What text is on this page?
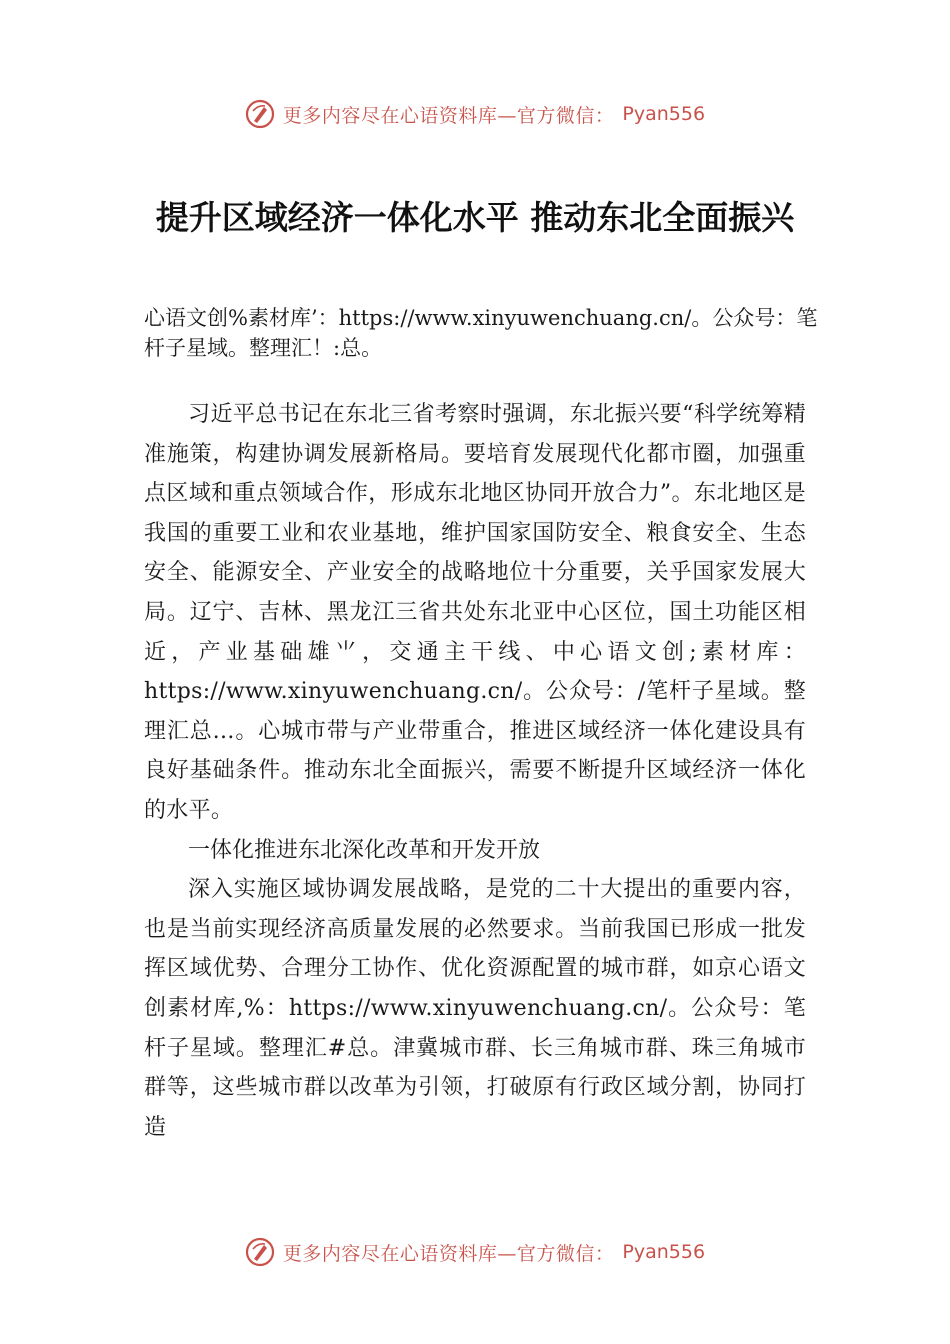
更多内容尽在心语资料库—官方微信： Pyan556
提升区域经济一体化水平 推动东北全面振兴
心语文创%素材库’：https://www.xinyuwenchuang.cn/。公众号：笔杆子星域。整理汇！:总。

习近平总书记在东北三省考察时强调，东北振兴要“科学统筹精准施策，构建协调发展新格局。要培育发展现代化都市圈，加强重点区域和重点领域合作，形成东北地区协同开放合力”。东北地区是我国的重要工业和农业基地，维护国家国防安全、粮食安全、生态安全、能源安全、产业安全的战略地位十分重要，关乎国家发展大局。辽宁、吉林、黑龙江三省共处东北亚中心区位，国土功能区相近，产业基础雄⺌，交通主干线、中心语文创;素材库：https://www.xinyuwenchuang.cn/。公众号：/笔杆子星域。整理汇总…。心城市带与产业带重合，推进区域经济一体化建设具有良好基础条件。推动东北全面振兴，需要不断提升区域经济一体化的水平。

一体化推进东北深化改革和开发开放

深入实施区域协调发展战略，是党的二十大提出的重要内容，也是当前实现经济高质量发展的必然要求。当前我国已形成一批发挥区域优势、合理分工协作、优化资源配置的城市群，如京心语文创素材库,%：https://www.xinyuwenchuang.cn/。公众号：笔杆子星域。整理汇#总。津冀城市群、长三角城市群、珠三角城市群等，这些城市群以改革为引领，打破原有行政区域分割，协同打造

更多内容尽在心语资料库—官方微信： Pyan556
